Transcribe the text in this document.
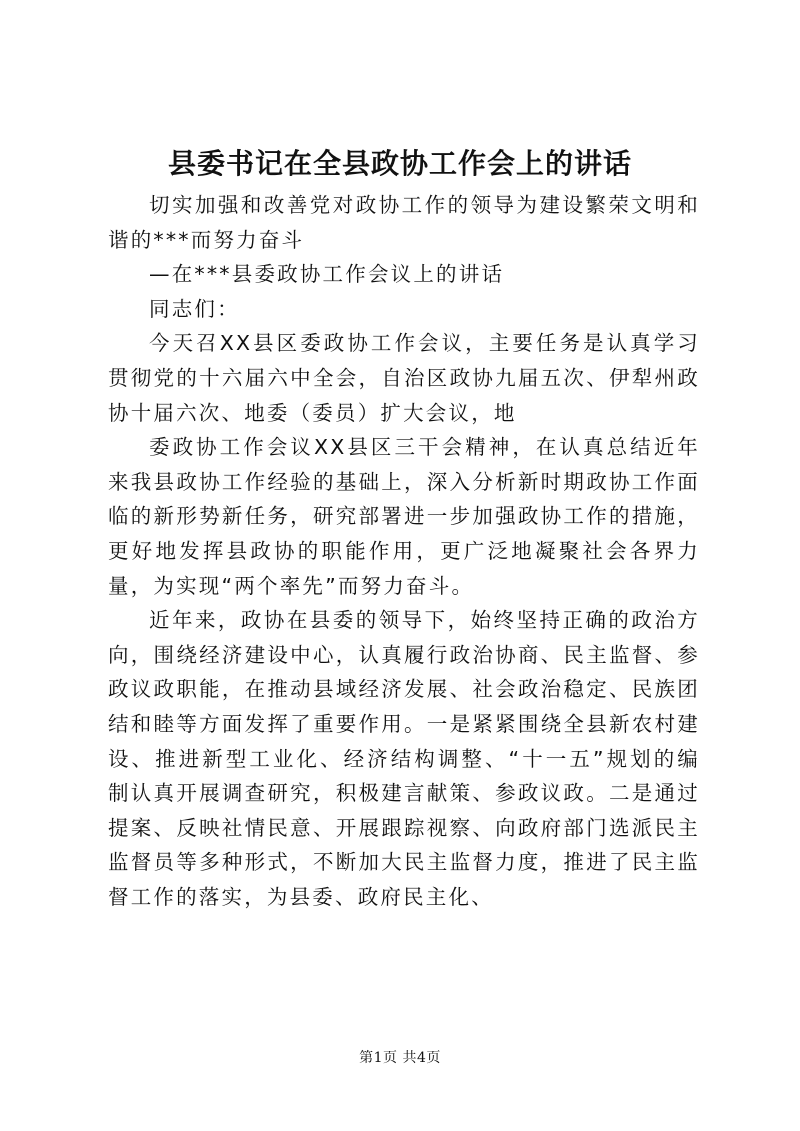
县委书记在全县政协工作会上的讲话

切实加强和改善党对政协工作的领导为建设繁荣文明和谐的***而努力奋斗

—在***县委政协工作会议上的讲话

同志们：

今天召XX县区委政协工作会议，主要任务是认真学习贯彻党的十六届六中全会，自治区政协九届五次、伊犁州政协十届六次、地委（委员）扩大会议，地

委政协工作会议XX县区三干会精神，在认真总结近年来我县政协工作经验的基础上，深入分析新时期政协工作面临的新形势新任务，研究部署进一步加强政协工作的措施，更好地发挥县政协的职能作用，更广泛地凝聚社会各界力量，为实现“两个率先”而努力奋斗。

近年来，政协在县委的领导下，始终坚持正确的政治方向，围绕经济建设中心，认真履行政治协商、民主监督、参政议政职能，在推动县域经济发展、社会政治稳定、民族团结和睦等方面发挥了重要作用。一是紧紧围绕全县新农村建设、推进新型工业化、经济结构调整、“十一五”规划的编制认真开展调查研究，积极建言献策、参政议政。二是通过提案、反映社情民意、开展跟踪视察、向政府部门选派民主监督员等多种形式，不断加大民主监督力度，推进了民主监督工作的落实，为县委、政府民主化、

第1页 共4页
